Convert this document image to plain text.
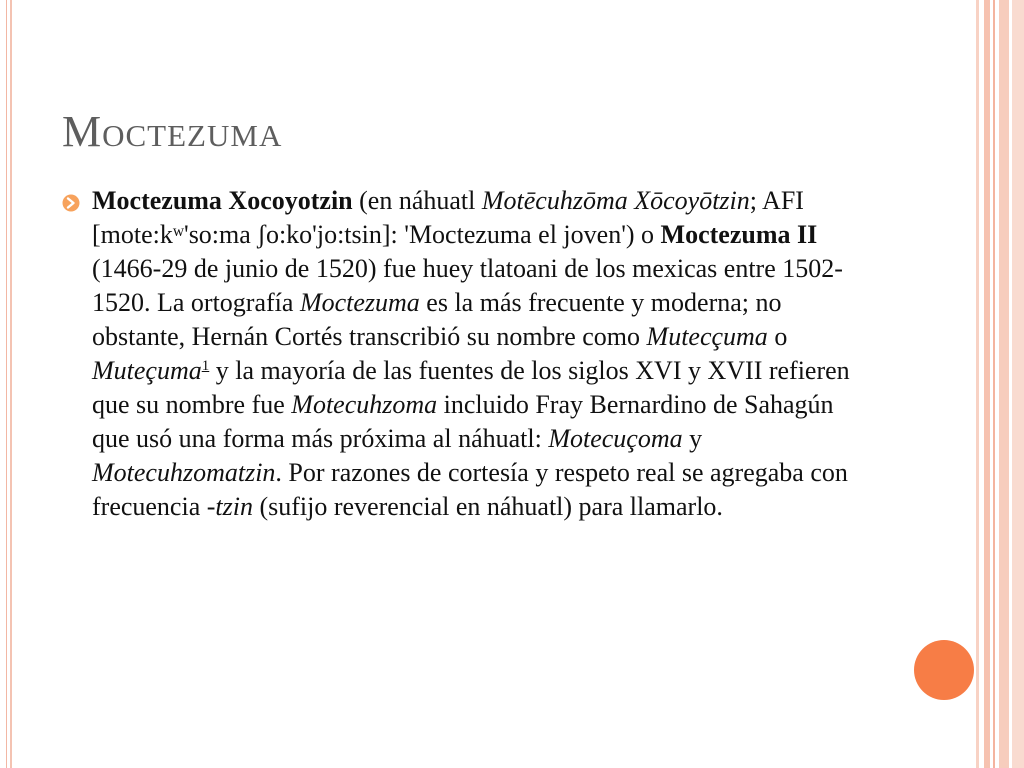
Moctezuma

Moctezuma Xocoyotzin (en náhuatl Motēcuhzōma Xōcoyōtzin; AFI [mote:kʷ'so:ma ʃo:ko'jo:tsin]: 'Moctezuma el joven') o Moctezuma II (1466-29 de junio de 1520) fue huey tlatoani de los mexicas entre 1502-1520. La ortografía Moctezuma es la más frecuente y moderna; no obstante, Hernán Cortés transcribió su nombre como Mutecçuma o Muteçuma$^1$ y la mayoría de las fuentes de los siglos XVI y XVII refieren que su nombre fue Motecuhzoma incluido Fray Bernardino de Sahagún que usó una forma más próxima al náhuatl: Motecuçoma y Motecuhzomatzin. Por razones de cortesía y respeto real se agregaba con frecuencia -tzin (sufijo reverencial en náhuatl) para llamarlo.
